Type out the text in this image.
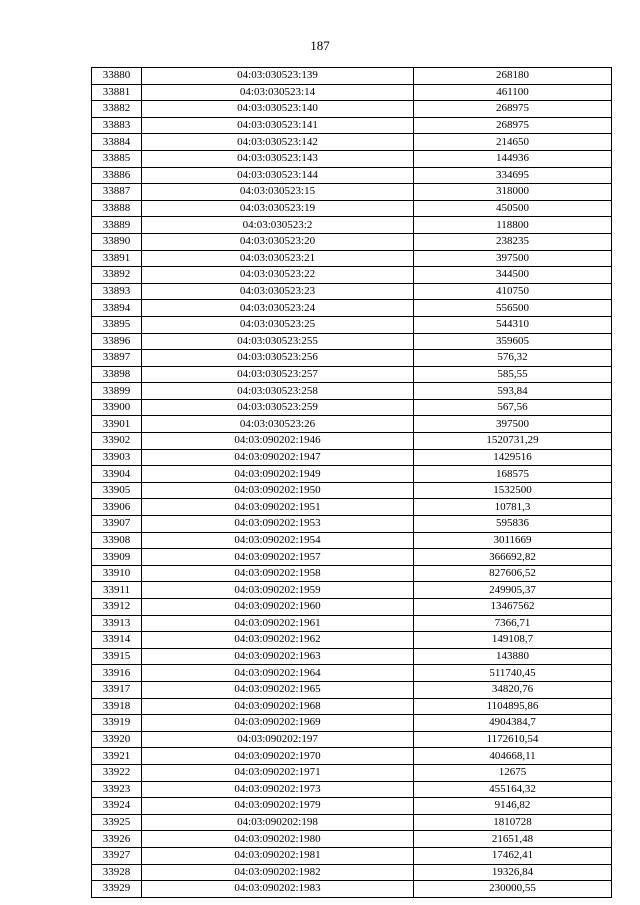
187
33880	04:03:030523:139	268180
33881	04:03:030523:14	461100
33882	04:03:030523:140	268975
33883	04:03:030523:141	268975
33884	04:03:030523:142	214650
33885	04:03:030523:143	144936
33886	04:03:030523:144	334695
33887	04:03:030523:15	318000
33888	04:03:030523:19	450500
33889	04:03:030523:2	118800
33890	04:03:030523:20	238235
33891	04:03:030523:21	397500
33892	04:03:030523:22	344500
33893	04:03:030523:23	410750
33894	04:03:030523:24	556500
33895	04:03:030523:25	544310
33896	04:03:030523:255	359605
33897	04:03:030523:256	576,32
33898	04:03:030523:257	585,55
33899	04:03:030523:258	593,84
33900	04:03:030523:259	567,56
33901	04:03:030523:26	397500
33902	04:03:090202:1946	1520731,29
33903	04:03:090202:1947	1429516
33904	04:03:090202:1949	168575
33905	04:03:090202:1950	1532500
33906	04:03:090202:1951	10781,3
33907	04:03:090202:1953	595836
33908	04:03:090202:1954	3011669
33909	04:03:090202:1957	366692,82
33910	04:03:090202:1958	827606,52
33911	04:03:090202:1959	249905,37
33912	04:03:090202:1960	13467562
33913	04:03:090202:1961	7366,71
33914	04:03:090202:1962	149108,7
33915	04:03:090202:1963	143880
33916	04:03:090202:1964	511740,45
33917	04:03:090202:1965	34820,76
33918	04:03:090202:1968	1104895,86
33919	04:03:090202:1969	4904384,7
33920	04:03:090202:197	1172610,54
33921	04:03:090202:1970	404668,11
33922	04:03:090202:1971	12675
33923	04:03:090202:1973	455164,32
33924	04:03:090202:1979	9146,82
33925	04:03:090202:198	1810728
33926	04:03:090202:1980	21651,48
33927	04:03:090202:1981	17462,41
33928	04:03:090202:1982	19326,84
33929	04:03:090202:1983	230000,55
